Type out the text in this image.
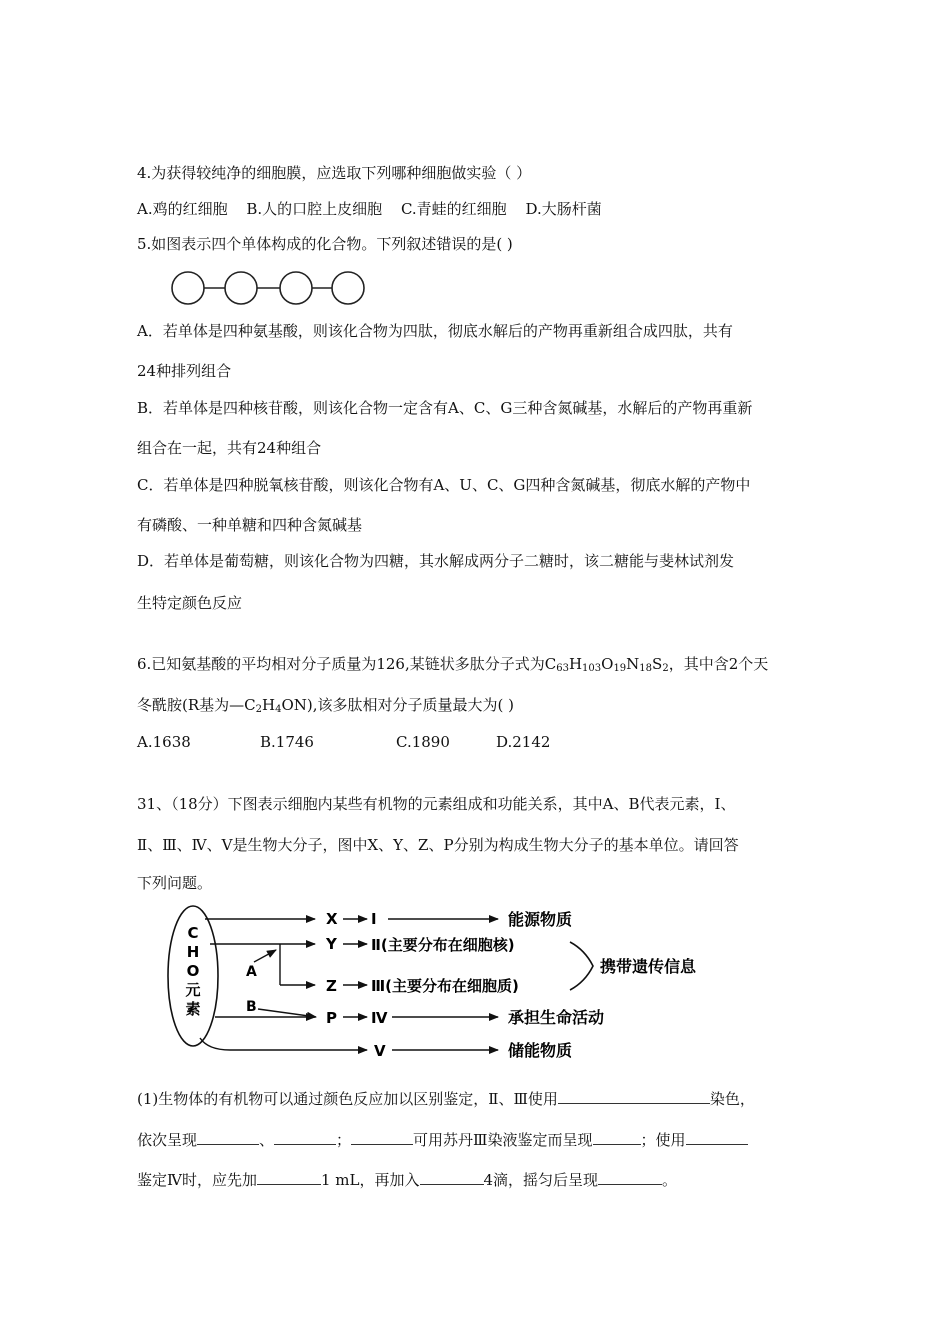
4.为获得较纯净的细胞膜，应选取下列哪种细胞做实验（ ）
A.鸡的红细胞 B.人的口腔上皮细胞 C.青蛙的红细胞 D.大肠杆菌
5.如图表示四个单体构成的化合物。下列叙述错误的是( )
A．若单体是四种氨基酸，则该化合物为四肽，彻底水解后的产物再重新组合成四肽，共有
24种排列组合
B．若单体是四种核苷酸，则该化合物一定含有A、C、G三种含氮碱基，水解后的产物再重新
组合在一起，共有24种组合
C．若单体是四种脱氧核苷酸，则该化合物有A、U、C、G四种含氮碱基，彻底水解的产物中
有磷酸、一种单糖和四种含氮碱基
D．若单体是葡萄糖，则该化合物为四糖，其水解成两分子二糖时，该二糖能与斐林试剂发
生特定颜色反应
6.已知氨基酸的平均相对分子质量为126,某链状多肽分子式为$C_{63}H_{103}O_{19}N_{18}S_2$，其中含2个天
冬酰胺(R基为$—C_2H_4ON$),该多肽相对分子质量最大为( )
A.1638	B.1746	C.1890	D.2142
31、（18分）下图表示细胞内某些有机物的元素组成和功能关系，其中A、B代表元素，Ⅰ、
Ⅱ、Ⅲ、Ⅳ、Ⅴ是生物大分子，图中X、Y、Z、P分别为构成生物大分子的基本单位。请回答
下列问题。
C
H
O
元
素
X Ⅰ	能源物质
Y Ⅱ(主要分布在细胞核)
Z Ⅲ(主要分布在细胞质)
A	携带遗传信息
B
P Ⅳ	承担生命活动
V	储能物质
(1)生物体的有机物可以通过颜色反应加以区别鉴定，Ⅱ、Ⅲ使用	染色，
依次呈现	、	；	可用苏丹Ⅲ染液鉴定而呈现	；使用
鉴定Ⅳ时，应先加	1 mL，再加入	4滴，摇匀后呈现	。
